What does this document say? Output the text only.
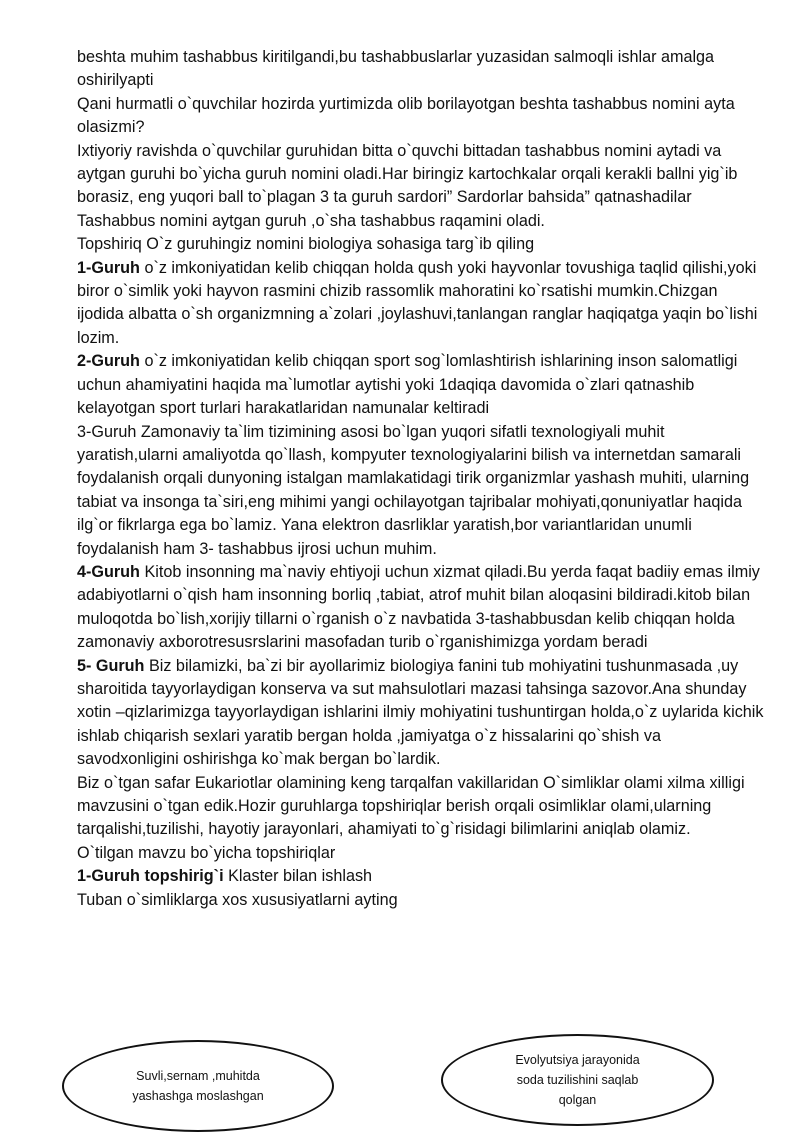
beshta muhim tashabbus kiritilgandi,bu tashabbuslarlar yuzasidan salmoqli ishlar amalga oshirilyapti

Qani hurmatli o`quvchilar hozirda yurtimizda olib borilayotgan beshta tashabbus nomini ayta olasizmi?

Ixtiyoriy ravishda o`quvchilar guruhidan bitta o`quvchi bittadan tashabbus nomini aytadi va aytgan guruhi bo`yicha guruh nomini oladi.Har biringiz kartochkalar orqali kerakli ballni yig`ib borasiz, eng yuqori ball to`plagan 3 ta guruh sardori” Sardorlar bahsida” qatnashadilar

Tashabbus nomini aytgan guruh ,o`sha tashabbus raqamini oladi.

Topshiriq O`z guruhingiz nomini biologiya sohasiga targ`ib qiling

1-Guruh o`z imkoniyatidan kelib chiqqan holda qush yoki hayvonlar tovushiga taqlid qilishi,yoki biror o`simlik yoki hayvon rasmini chizib rassomlik mahoratini ko`rsatishi mumkin.Chizgan ijodida albatta o`sh organizmning a`zolari ,joylashuvi,tanlangan ranglar haqiqatga yaqin bo`lishi lozim.

2-Guruh o`z imkoniyatidan kelib chiqqan sport sog`lomlashtirish ishlarining inson salomatligi uchun ahamiyatini haqida ma`lumotlar aytishi yoki 1daqiqa davomida o`zlari qatnashib kelayotgan sport turlari harakatlaridan namunalar keltiradi

3-Guruh Zamonaviy ta`lim tizimining asosi bo`lgan yuqori sifatli texnologiyali muhit yaratish,ularni amaliyotda qo`llash, kompyuter texnologiyalarini bilish va internetdan samarali foydalanish orqali dunyoning istalgan mamlakatidagi tirik organizmlar yashash muhiti, ularning tabiat va insonga ta`siri,eng mihimi yangi ochilayotgan tajribalar mohiyati,qonuniyatlar haqida ilg`or fikrlarga ega bo`lamiz. Yana elektron dasrliklar yaratish,bor variantlaridan unumli foydalanish ham 3- tashabbus ijrosi uchun muhim.

4-Guruh Kitob insonning ma`naviy ehtiyoji uchun xizmat qiladi.Bu yerda faqat badiiy emas ilmiy adabiyotlarni o`qish ham insonning borliq ,tabiat, atrof muhit bilan aloqasini bildiradi.kitob bilan muloqotda bo`lish,xorijiy tillarni o`rganish o`z navbatida 3-tashabbusdan kelib chiqqan holda zamonaviy axborotresusrslarini masofadan turib o`rganishimizga yordam beradi

5- Guruh Biz bilamizki, ba`zi bir ayollarimiz biologiya fanini tub mohiyatini tushunmasada ,uy sharoitida tayyorlaydigan konserva va sut mahsulotlari mazasi tahsinga sazovor.Ana shunday xotin –qizlarimizga tayyorlaydigan ishlarini ilmiy mohiyatini tushuntirgan holda,o`z uylarida kichik ishlab chiqarish sexlari yaratib bergan holda ,jamiyatga o`z hissalarini qo`shish va savodxonligini oshirishga ko`mak bergan bo`lardik.

Biz o`tgan safar Eukariotlar olamining keng tarqalfan vakillaridan O`simliklar olami xilma xilligi mavzusini o`tgan edik.Hozir guruhlarga topshiriqlar berish orqali osimliklar olami,ularning tarqalishi,tuzilishi, hayotiy jarayonlari, ahamiyati to`g`risidagi bilimlarini aniqlab olamiz.

O`tilgan mavzu bo`yicha topshiriqlar

1-Guruh topshirig`i Klaster bilan ishlash

Tuban o`simliklarga xos xususiyatlarni ayting

Suvli,sernam ,muhitda yashashga moslashgan
Evolyutsiya jarayonida soda tuzilishini saqlab qolgan
